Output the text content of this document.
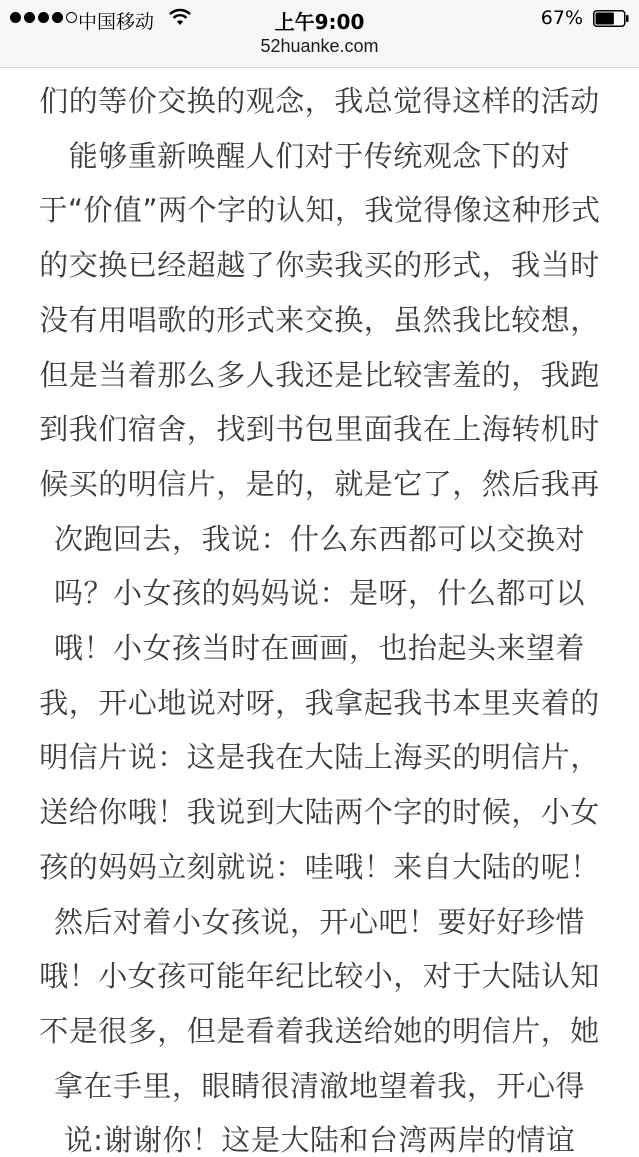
中国移动	上午9:00	67%
52huanke.com
们的等价交换的观念，我总觉得这样的活动
能够重新唤醒人们对于传统观念下的对
于“价值”两个字的认知，我觉得像这种形式
的交换已经超越了你卖我买的形式，我当时
没有用唱歌的形式来交换，虽然我比较想，
但是当着那么多人我还是比较害羞的，我跑
到我们宿舍，找到书包里面我在上海转机时
候买的明信片，是的，就是它了，然后我再
次跑回去，我说：什么东西都可以交换对
吗？小女孩的妈妈说：是呀，什么都可以
哦！小女孩当时在画画，也抬起头来望着
我，开心地说对呀，我拿起我书本里夹着的
明信片说：这是我在大陆上海买的明信片，
送给你哦！我说到大陆两个字的时候，小女
孩的妈妈立刻就说：哇哦！来自大陆的呢！
然后对着小女孩说，开心吧！要好好珍惜
哦！小女孩可能年纪比较小，对于大陆认知
不是很多，但是看着我送给她的明信片，她
拿在手里，眼睛很清澈地望着我，开心得
说:谢谢你！这是大陆和台湾两岸的情谊
